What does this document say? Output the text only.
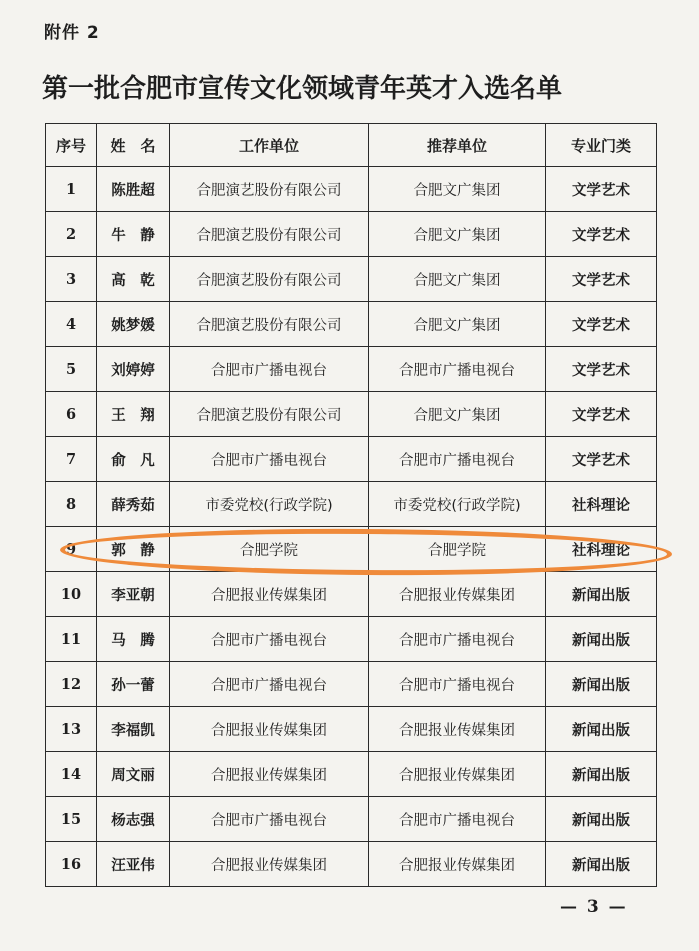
附件 2
第一批合肥市宣传文化领域青年英才入选名单
序号	姓　名	工作单位	推荐单位	专业门类
1	陈胜超	合肥演艺股份有限公司	合肥文广集团	文学艺术
2	牛　静	合肥演艺股份有限公司	合肥文广集团	文学艺术
3	高　乾	合肥演艺股份有限公司	合肥文广集团	文学艺术
4	姚梦媛	合肥演艺股份有限公司	合肥文广集团	文学艺术
5	刘婷婷	合肥市广播电视台	合肥市广播电视台	文学艺术
6	王　翔	合肥演艺股份有限公司	合肥文广集团	文学艺术
7	俞　凡	合肥市广播电视台	合肥市广播电视台	文学艺术
8	薛秀茹	市委党校(行政学院)	市委党校(行政学院)	社科理论
9	郭　静	合肥学院	合肥学院	社科理论
10	李亚朝	合肥报业传媒集团	合肥报业传媒集团	新闻出版
11	马　腾	合肥市广播电视台	合肥市广播电视台	新闻出版
12	孙一蕾	合肥市广播电视台	合肥市广播电视台	新闻出版
13	李福凯	合肥报业传媒集团	合肥报业传媒集团	新闻出版
14	周文丽	合肥报业传媒集团	合肥报业传媒集团	新闻出版
15	杨志强	合肥市广播电视台	合肥市广播电视台	新闻出版
16	汪亚伟	合肥报业传媒集团	合肥报业传媒集团	新闻出版
— 3 —
